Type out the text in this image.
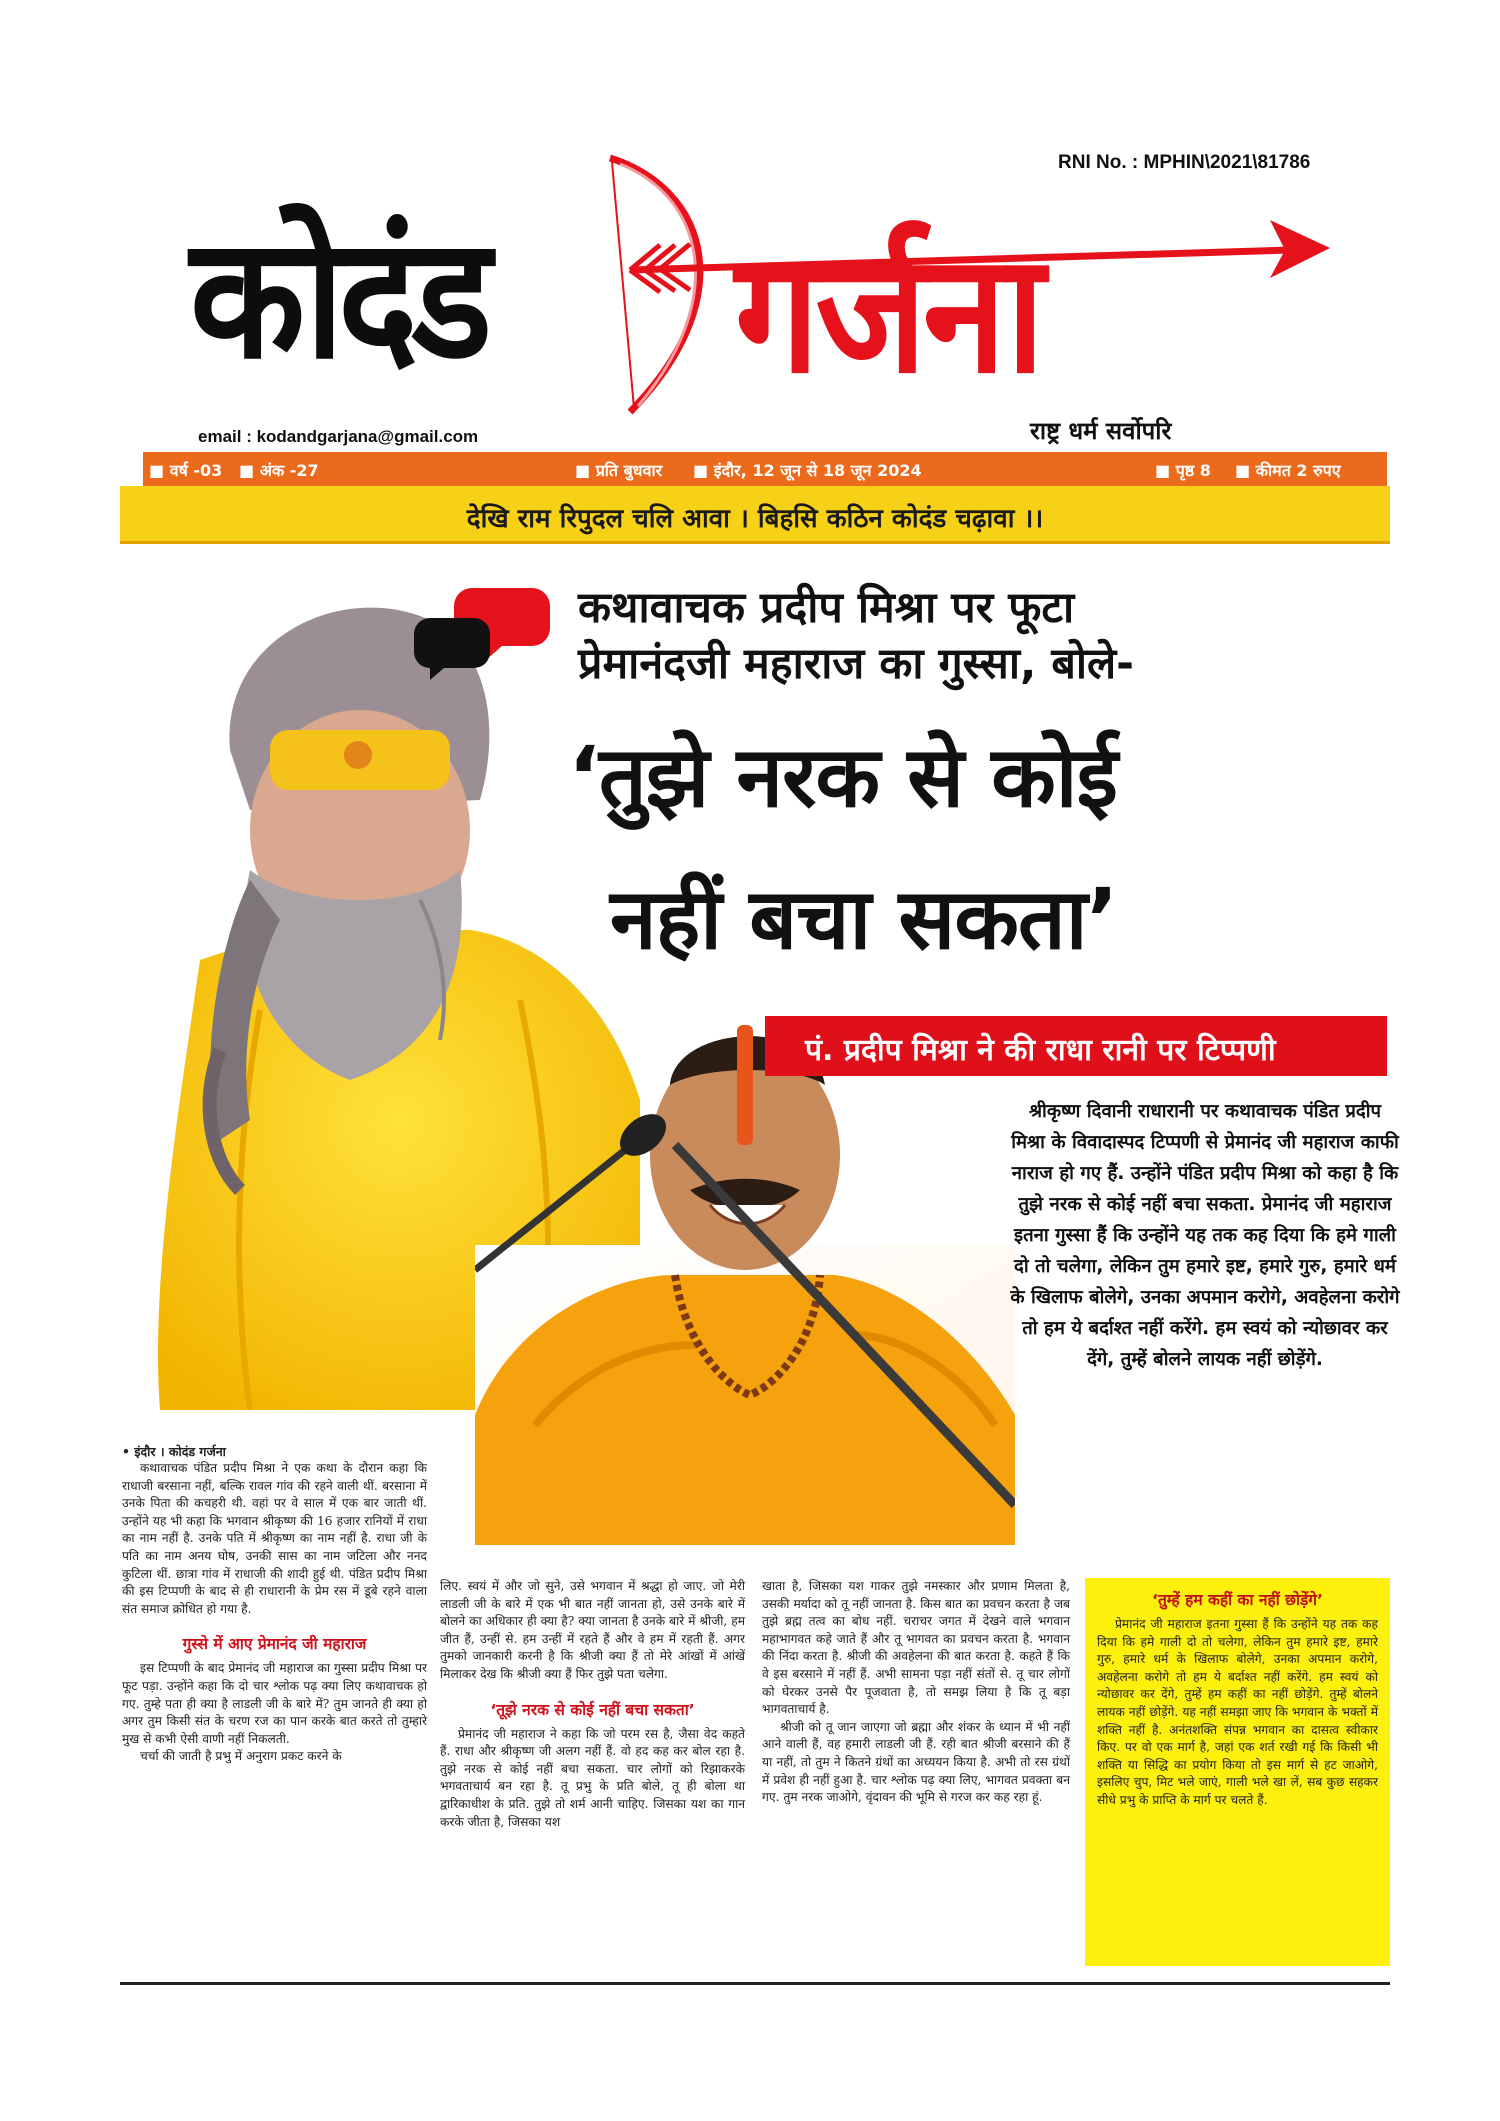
RNI No. : MPHIN\2021\81786
कोदंड गर्जना
राष्ट्र धर्म सर्वोपरि
email : kodandgarjana@gmail.com
■ वर्ष -03 ■ अंक -27	■ प्रति बुधवार ■ इंदौर, 12 जून से 18 जून 2024	■ पृष्ठ 8 ■ कीमत 2 रुपए
देखि राम रिपुदल चलि आवा । बिहसि कठिन कोदंड चढ़ावा ।।
कथावाचक प्रदीप मिश्रा पर फूटा
प्रेमानंदजी महाराज का गुस्सा, बोले-
‘तुझे नरक से कोई
नहीं बचा सकता’
पं. प्रदीप मिश्रा ने की राधा रानी पर टिप्पणी
श्रीकृष्ण दिवानी राधारानी पर कथावाचक पंडित प्रदीप मिश्रा के विवादास्पद टिप्पणी से प्रेमानंद जी महाराज काफी नाराज हो गए हैं. उन्होंने पंडित प्रदीप मिश्रा को कहा है कि तुझे नरक से कोई नहीं बचा सकता. प्रेमानंद जी महाराज इतना गुस्सा हैं कि उन्होंने यह तक कह दिया कि हमे गाली दो तो चलेगा, लेकिन तुम हमारे इष्ट, हमारे गुरु, हमारे धर्म के खिलाफ बोलेगे, उनका अपमान करोगे, अवहेलना करोगे तो हम ये बर्दाश्त नहीं करेंगे. हम स्वयं को न्योछावर कर देंगे, तुम्हें बोलने लायक नहीं छोड़ेंगे.
• इंदौर । कोदंड गर्जना

कथावाचक पंडित प्रदीप मिश्रा ने एक कथा के दौरान कहा कि राधाजी बरसाना नहीं, बल्कि रावल गांव की रहने वाली थीं. बरसाना में उनके पिता की कचहरी थी. वहां पर वे साल में एक बार जाती थीं. उन्होंने यह भी कहा कि भगवान श्रीकृष्ण की 16 हजार रानियों में राधा का नाम नहीं है. उनके पति में श्रीकृष्ण का नाम नहीं है. राधा जी के पति का नाम अनय घोष, उनकी सास का नाम जटिला और ननद कुटिला थीं. छात्रा गांव में राधाजी की शादी हुई थी. पंडित प्रदीप मिश्रा की इस टिप्पणी के बाद से ही राधारानी के प्रेम रस में डूबे रहने वाला संत समाज क्रोधित हो गया है.

गुस्से में आए प्रेमानंद जी महाराज

इस टिप्पणी के बाद प्रेमानंद जी महाराज का गुस्सा प्रदीप मिश्रा पर फूट पड़ा. उन्होंने कहा कि दो चार श्लोक पढ़ क्या लिए कथावाचक हो गए. तुम्हे पता ही क्या है लाडली जी के बारे में? तुम जानते ही क्या हो अगर तुम किसी संत के चरण रज का पान करके बात करते तो तुम्हारे मुख से कभी ऐसी वाणी नहीं निकलती.

चर्चा की जाती है प्रभु में अनुराग प्रकट करने के

लिए. स्वयं में और जो सुने, उसे भगवान में श्रद्धा हो जाए. जो मेरी लाडली जी के बारे में एक भी बात नहीं जानता हो, उसे उनके बारे में बोलने का अधिकार ही क्या है? क्या जानता है उनके बारे में श्रीजी, हम जीत हैं, उन्हीं से. हम उन्हीं में रहते हैं और वे हम में रहती हैं. अगर तुमको जानकारी करनी है कि श्रीजी क्या हैं तो मेरे आंखों में आंखें मिलाकर देख कि श्रीजी क्या हैं फिर तुझे पता चलेगा.

‘तूझे नरक से कोई नहीं बचा सकता’

प्रेमानंद जी महाराज ने कहा कि जो परम रस है, जैसा वेद कहते हैं. राधा और श्रीकृष्ण जी अलग नहीं हैं. वो हद कह कर बोल रहा है. तुझे नरक से कोई नहीं बचा सकता. चार लोगों को रिझाकरके भगवताचार्य बन रहा है. तू प्रभु के प्रति बोले, तू ही बोला था द्वारिकाधीश के प्रति. तुझे तो शर्म आनी चाहिए. जिसका यश का गान करके जीता है, जिसका यश

खाता है, जिसका यश गाकर तुझे नमस्कार और प्रणाम मिलता है, उसकी मर्यादा को तू नहीं जानता है. किस बात का प्रवचन करता है जब तुझे ब्रह्म तत्व का बोध नहीं. चराचर जगत में देखने वाले भगवान महाभागवत कहे जाते हैं और तू भागवत का प्रवचन करता है. भगवान की निंदा करता है. श्रीजी की अवहेलना की बात करता है. कहते हैं कि वे इस बरसाने में नहीं हैं. अभी सामना पड़ा नहीं संतों से. तू चार लोगों को घेरकर उनसे पैर पूजवाता है, तो समझ लिया है कि तू बड़ा भागवताचार्य है.

श्रीजी को तू जान जाएगा जो ब्रह्मा और शंकर के ध्यान में भी नहीं आने वाली हैं, वह हमारी लाडली जी हैं. रही बात श्रीजी बरसाने की हैं या नहीं, तो तुम ने कितने ग्रंथों का अध्ययन किया है. अभी तो रस ग्रंथों में प्रवेश ही नहीं हुआ है. चार श्लोक पढ़ क्या लिए, भागवत प्रवक्ता बन गए. तुम नरक जाओगे, वृंदावन की भूमि से गरज कर कह रहा हूं.

‘तुम्हें हम कहीं का नहीं छोड़ेंगे’

प्रेमानंद जी महाराज इतना गुस्सा हैं कि उन्होंने यह तक कह दिया कि हमे गाली दो तो चलेगा, लेकिन तुम हमारे इष्ट, हमारे गुरु, हमारे धर्म के खिलाफ बोलेगे, उनका अपमान करोगे, अवहेलना करोगे तो हम ये बर्दाश्त नहीं करेंगे. हम स्वयं को न्योछावर कर देंगे, तुम्हें हम कहीं का नहीं छोड़ेंगे. तुम्हें बोलने लायक नहीं छोड़ेंगे. यह नहीं समझा जाए कि भगवान के भक्तों में शक्ति नहीं है. अनंतशक्ति संपन्न भगवान का दासत्व स्वीकार किए. पर वो एक मार्ग है, जहां एक शर्त रखी गई कि किसी भी शक्ति या सिद्धि का प्रयोग किया तो इस मार्ग से हट जाओगे, इसलिए चुप, मिट भले जाएं, गाली भले खा लें, सब कुछ सहकर सीधे प्रभु के प्राप्ति के मार्ग पर चलते हैं.
